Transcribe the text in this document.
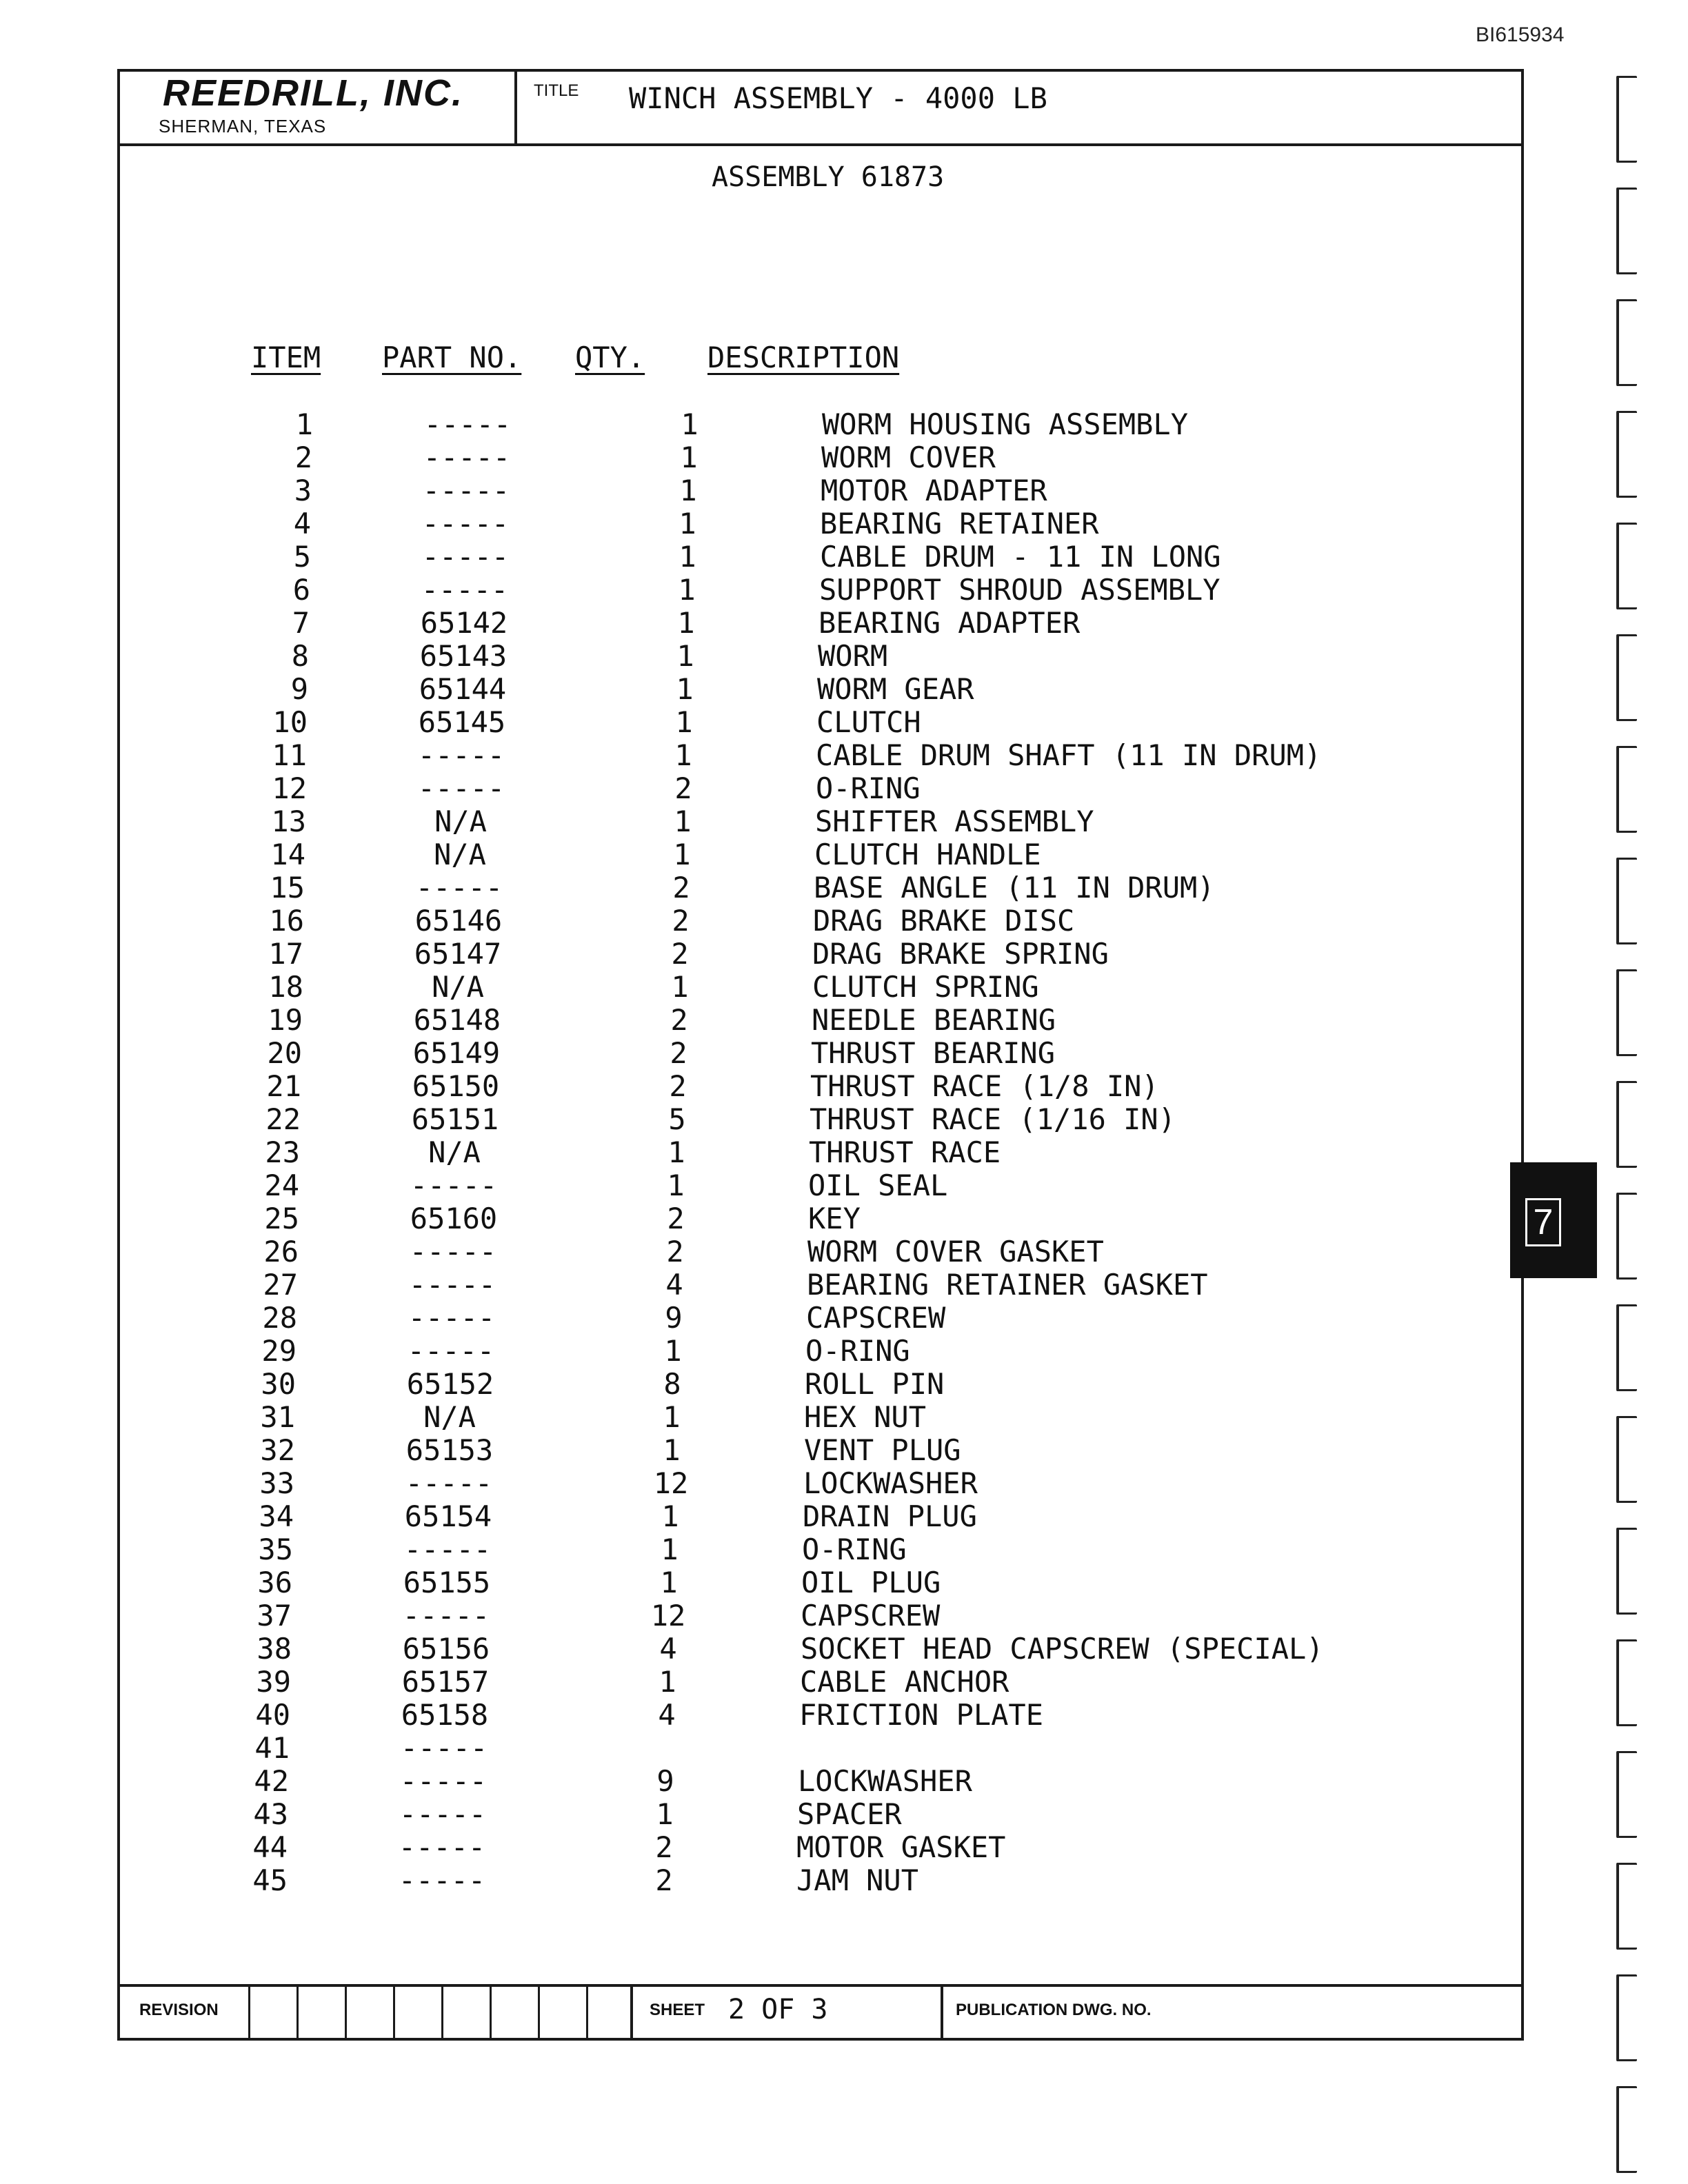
BI615934
REEDRILL, INC.
SHERMAN, TEXAS
TITLE WINCH ASSEMBLY - 4000 LB
ASSEMBLY 61873
ITEM PART NO. QTY. DESCRIPTION
1	-----	1	WORM HOUSING ASSEMBLY
2	-----	1	WORM COVER
3	-----	1	MOTOR ADAPTER
4	-----	1	BEARING RETAINER
5	-----	1	CABLE DRUM - 11 IN LONG
6	-----	1	SUPPORT SHROUD ASSEMBLY
7	65142	1	BEARING ADAPTER
8	65143	1	WORM
9	65144	1	WORM GEAR
10	65145	1	CLUTCH
11	-----	1	CABLE DRUM SHAFT (11 IN DRUM)
12	-----	2	O-RING
13	N/A	1	SHIFTER ASSEMBLY
14	N/A	1	CLUTCH HANDLE
15	-----	2	BASE ANGLE (11 IN DRUM)
16	65146	2	DRAG BRAKE DISC
17	65147	2	DRAG BRAKE SPRING
18	N/A	1	CLUTCH SPRING
19	65148	2	NEEDLE BEARING
20	65149	2	THRUST BEARING
21	65150	2	THRUST RACE (1/8 IN)
22	65151	5	THRUST RACE (1/16 IN)
23	N/A	1	THRUST RACE
24	-----	1	OIL SEAL
25	65160	2	KEY
26	-----	2	WORM COVER GASKET
27	-----	4	BEARING RETAINER GASKET
28	-----	9	CAPSCREW
29	-----	1	O-RING
30	65152	8	ROLL PIN
31	N/A	1	HEX NUT
32	65153	1	VENT PLUG
33	-----	12	LOCKWASHER
34	65154	1	DRAIN PLUG
35	-----	1	O-RING
36	65155	1	OIL PLUG
37	-----	12	CAPSCREW
38	65156	4	SOCKET HEAD CAPSCREW (SPECIAL)
39	65157	1	CABLE ANCHOR
40	65158	4	FRICTION PLATE
41	-----
42	-----	9	LOCKWASHER
43	-----	1	SPACER
44	-----	2	MOTOR GASKET
45	-----	2	JAM NUT
REVISION	SHEET 2 OF 3	PUBLICATION DWG. NO.
7
